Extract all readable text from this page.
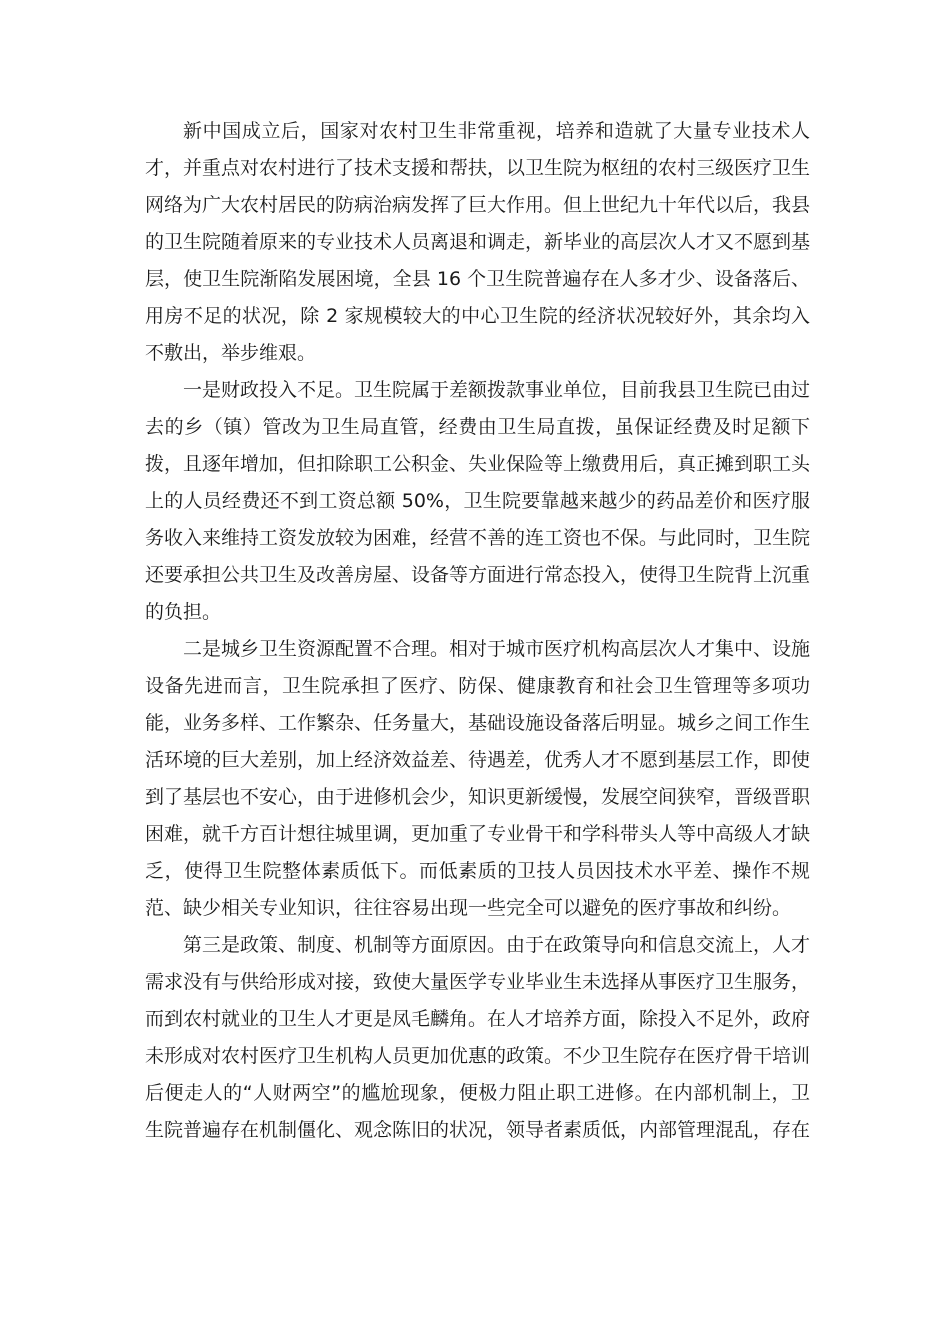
新中国成立后，国家对农村卫生非常重视，培养和造就了大量专业技术人才，并重点对农村进行了技术支援和帮扶，以卫生院为枢纽的农村三级医疗卫生网络为广大农村居民的防病治病发挥了巨大作用。但上世纪九十年代以后，我县的卫生院随着原来的专业技术人员离退和调走，新毕业的高层次人才又不愿到基层，使卫生院渐陷发展困境，全县 16 个卫生院普遍存在人多才少、设备落后、用房不足的状况，除 2 家规模较大的中心卫生院的经济状况较好外，其余均入不敷出，举步维艰。

一是财政投入不足。卫生院属于差额拨款事业单位，目前我县卫生院已由过去的乡（镇）管改为卫生局直管，经费由卫生局直拨，虽保证经费及时足额下拨，且逐年增加，但扣除职工公积金、失业保险等上缴费用后，真正摊到职工头上的人员经费还不到工资总额 50%，卫生院要靠越来越少的药品差价和医疗服务收入来维持工资发放较为困难，经营不善的连工资也不保。与此同时，卫生院还要承担公共卫生及改善房屋、设备等方面进行常态投入，使得卫生院背上沉重的负担。

二是城乡卫生资源配置不合理。相对于城市医疗机构高层次人才集中、设施设备先进而言，卫生院承担了医疗、防保、健康教育和社会卫生管理等多项功能，业务多样、工作繁杂、任务量大，基础设施设备落后明显。城乡之间工作生活环境的巨大差别，加上经济效益差、待遇差，优秀人才不愿到基层工作，即使到了基层也不安心，由于进修机会少，知识更新缓慢，发展空间狭窄，晋级晋职困难，就千方百计想往城里调，更加重了专业骨干和学科带头人等中高级人才缺乏，使得卫生院整体素质低下。而低素质的卫技人员因技术水平差、操作不规范、缺少相关专业知识，往往容易出现一些完全可以避免的医疗事故和纠纷。

第三是政策、制度、机制等方面原因。由于在政策导向和信息交流上，人才需求没有与供给形成对接，致使大量医学专业毕业生未选择从事医疗卫生服务，而到农村就业的卫生人才更是凤毛麟角。在人才培养方面，除投入不足外，政府未形成对农村医疗卫生机构人员更加优惠的政策。不少卫生院存在医疗骨干培训后便走人的“人财两空”的尴尬现象，便极力阻止职工进修。在内部机制上，卫生院普遍存在机制僵化、观念陈旧的状况，领导者素质低，内部管理混乱，存在
